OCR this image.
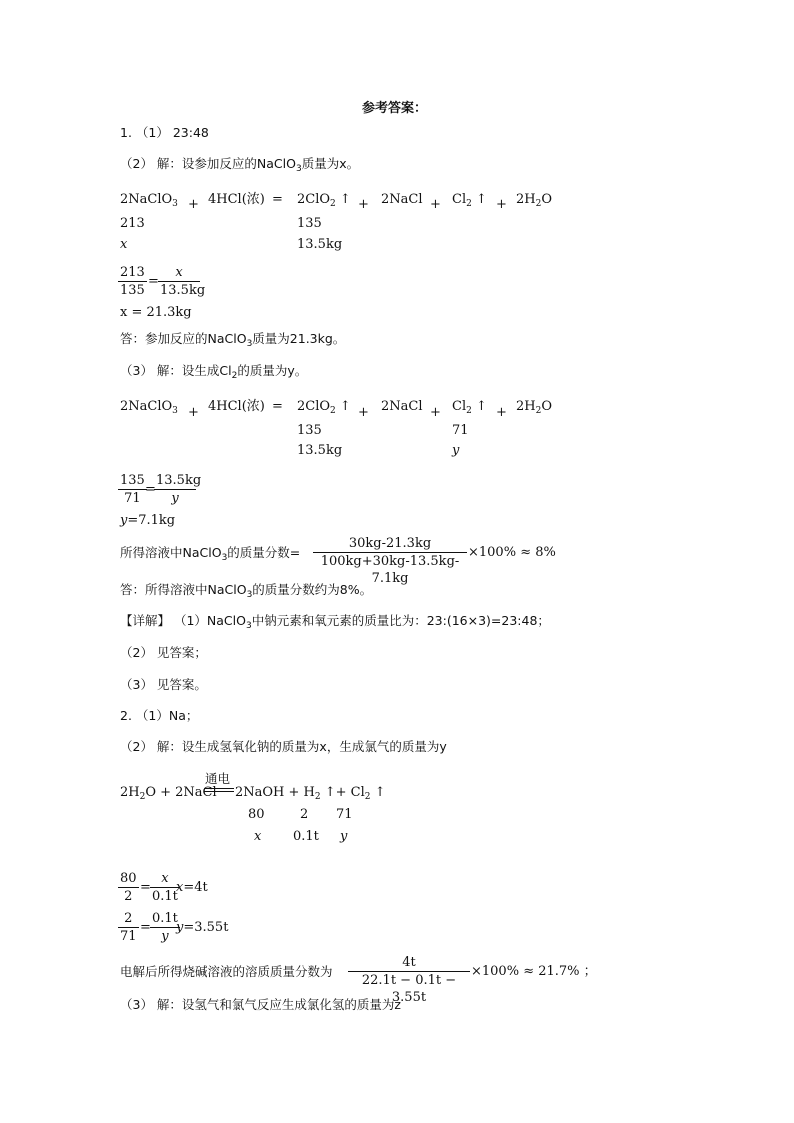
参考答案：
1. （1） 23:48
（2） 解：设参加反应的NaClO$_3$质量为x。
2NaClO$_3$ + 4HCl(浓) = 2ClO$_2$ ↑ + 2NaCl + $Cl_2$ ↑ + $2H_2O$
213
x
135
13.5kg
213
135
=
x
13.5kg
x = 21.3kg
答：参加反应的NaClO$_3$质量为21.3kg。
（3） 解：设生成$Cl_2$的质量为y。
2NaClO$_3$ + 4HCl(浓) = 2ClO$_2$ ↑ + 2NaCl + $Cl_2$ ↑ + $2H_2O$
135
13.5kg
71
y
135
71
=
13.5kg
y
y=7.1kg
所得溶液中NaClO$_3$的质量分数=
30kg-21.3kg
100kg+30kg-13.5kg-7.1kg
×100% ≈ 8%
答：所得溶液中NaClO$_3$的质量分数约为8%。
【详解】 （1）NaClO$_3$中钠元素和氧元素的质量比为：23:(16×3)=23:48；
（2） 见答案；
（3） 见答案。
2. （1）Na；
（2） 解：设生成氢氧化钠的质量为x，生成氯气的质量为y
$2H_2O$ + 2NaCl
通电
2NaOH + $H_2$ ↑+ $Cl_2$ ↑
80	2 71
x 0.1t y
80
2
=
x
0.1t
x=4t
2
71
=
0.1t
y
y=3.55t
电解后所得烧碱溶液的溶质质量分数为
4t
22.1t − 0.1t − 3.55t
×100% ≈ 21.7% ；
（3） 解：设氢气和氯气反应生成氯化氢的质量为z
